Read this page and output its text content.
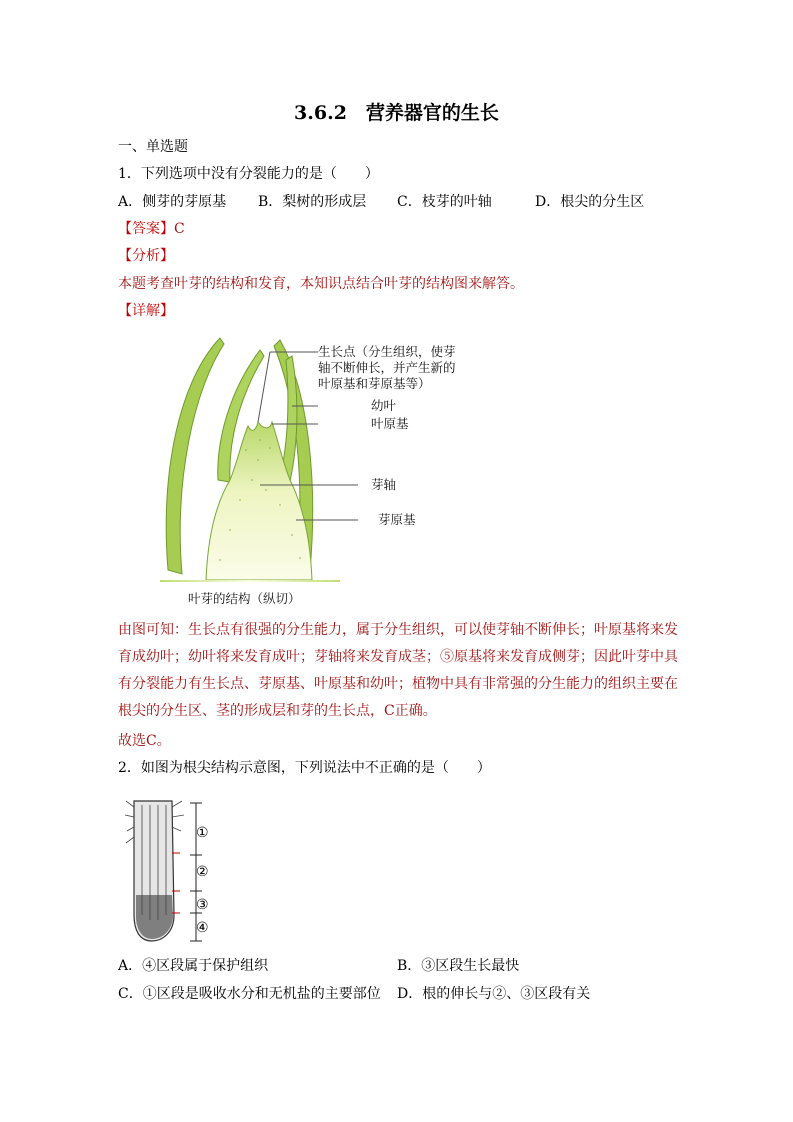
3.6.2　营养器官的生长
一、单选题
1．下列选项中没有分裂能力的是（　　）
A．侧芽的芽原基 B．梨树的形成层 C．枝芽的叶轴	D．根尖的分生区
【答案】C
【分析】
本题考查叶芽的结构和发育，本知识点结合叶芽的结构图来解答。
【详解】
生长点（分生组织，使芽
轴不断伸长，并产生新的
叶原基和芽原基等）
幼叶
叶原基
芽轴
芽原基
叶芽的结构（纵切）
由图可知：生长点有很强的分生能力，属于分生组织，可以使芽轴不断伸长；叶原基将来发育成幼叶；幼叶将来发育成叶；芽轴将来发育成茎；⑤原基将来发育成侧芽；因此叶芽中具有分裂能力有生长点、芽原基、叶原基和幼叶；植物中具有非常强的分生能力的组织主要在根尖的分生区、茎的形成层和芽的生长点，C正确。
故选C。
2．如图为根尖结构示意图，下列说法中不正确的是（　　）
①
②
③
④
A．④区段属于保护组织	B．③区段生长最快
C．①区段是吸收水分和无机盐的主要部位 D．根的伸长与②、③区段有关
